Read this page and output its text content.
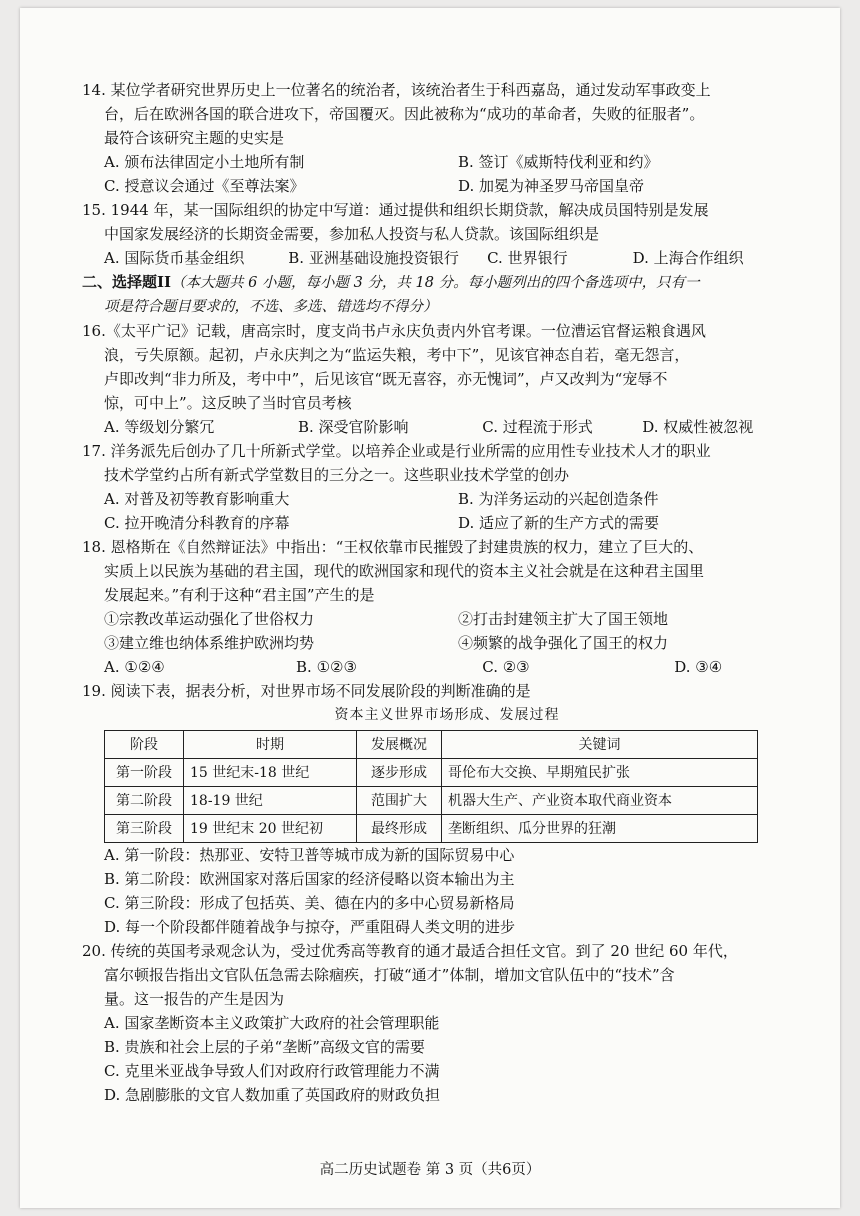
14. 某位学者研究世界历史上一位著名的统治者，该统治者生于科西嘉岛，通过发动军事政变上

台，后在欧洲各国的联合进攻下，帝国覆灭。因此被称为“成功的革命者，失败的征服者”。

最符合该研究主题的史实是

A. 颁布法律固定小土地所有制	B. 签订《威斯特伐利亚和约》
C. 授意议会通过《至尊法案》	D. 加冕为神圣罗马帝国皇帝

15. 1944 年，某一国际组织的协定中写道：通过提供和组织长期贷款，解决成员国特别是发展

中国家发展经济的长期资金需要，参加私人投资与私人贷款。该国际组织是

A. 国际货币基金组织	B. 亚洲基础设施投资银行	C. 世界银行	D. 上海合作组织

二、选择题II（本大题共 6 小题，每小题 3 分，共 18 分。每小题列出的四个备选项中，只有一

项是符合题目要求的，不选、多选、错选均不得分）

16.《太平广记》记载，唐高宗时，度支尚书卢永庆负责内外官考课。一位漕运官督运粮食遇风

浪，亏失原额。起初，卢永庆判之为“监运失粮，考中下”，见该官神态自若，毫无怨言，

卢即改判“非力所及，考中中”，后见该官“既无喜容，亦无愧词”，卢又改判为“宠辱不

惊，可中上”。这反映了当时官员考核

A. 等级划分繁冗	B. 深受官阶影响	C. 过程流于形式	D. 权威性被忽视

17. 洋务派先后创办了几十所新式学堂。以培养企业或是行业所需的应用性专业技术人才的职业

技术学堂约占所有新式学堂数目的三分之一。这些职业技术学堂的创办

A. 对普及初等教育影响重大	B. 为洋务运动的兴起创造条件
C. 拉开晚清分科教育的序幕	D. 适应了新的生产方式的需要

18. 恩格斯在《自然辩证法》中指出：“王权依靠市民摧毁了封建贵族的权力，建立了巨大的、

实质上以民族为基础的君主国，现代的欧洲国家和现代的资本主义社会就是在这种君主国里

发展起来。”有利于这种“君主国”产生的是

①宗教改革运动强化了世俗权力	②打击封建领主扩大了国王领地
③建立维也纳体系维护欧洲均势	④频繁的战争强化了国王的权力
A. ①②④	B. ①②③	C. ②③	D. ③④

19. 阅读下表，据表分析，对世界市场不同发展阶段的判断准确的是

资本主义世界市场形成、发展过程

阶段	时期	发展概况	关键词
第一阶段	15 世纪末-18 世纪	逐步形成	哥伦布大交换、早期殖民扩张
第二阶段	18-19 世纪	范围扩大	机器大生产、产业资本取代商业资本
第三阶段	19 世纪末 20 世纪初	最终形成	垄断组织、瓜分世界的狂潮

A. 第一阶段：热那亚、安特卫普等城市成为新的国际贸易中心

B. 第二阶段：欧洲国家对落后国家的经济侵略以资本输出为主

C. 第三阶段：形成了包括英、美、德在内的多中心贸易新格局

D. 每一个阶段都伴随着战争与掠夺，严重阻碍人类文明的进步

20. 传统的英国考录观念认为，受过优秀高等教育的通才最适合担任文官。到了 20 世纪 60 年代，

富尔顿报告指出文官队伍急需去除痼疾，打破“通才”体制，增加文官队伍中的“技术”含

量。这一报告的产生是因为

A. 国家垄断资本主义政策扩大政府的社会管理职能

B. 贵族和社会上层的子弟“垄断”高级文官的需要

C. 克里米亚战争导致人们对政府行政管理能力不满

D. 急剧膨胀的文官人数加重了英国政府的财政负担

高二历史试题卷 第 3 页（共6页）
